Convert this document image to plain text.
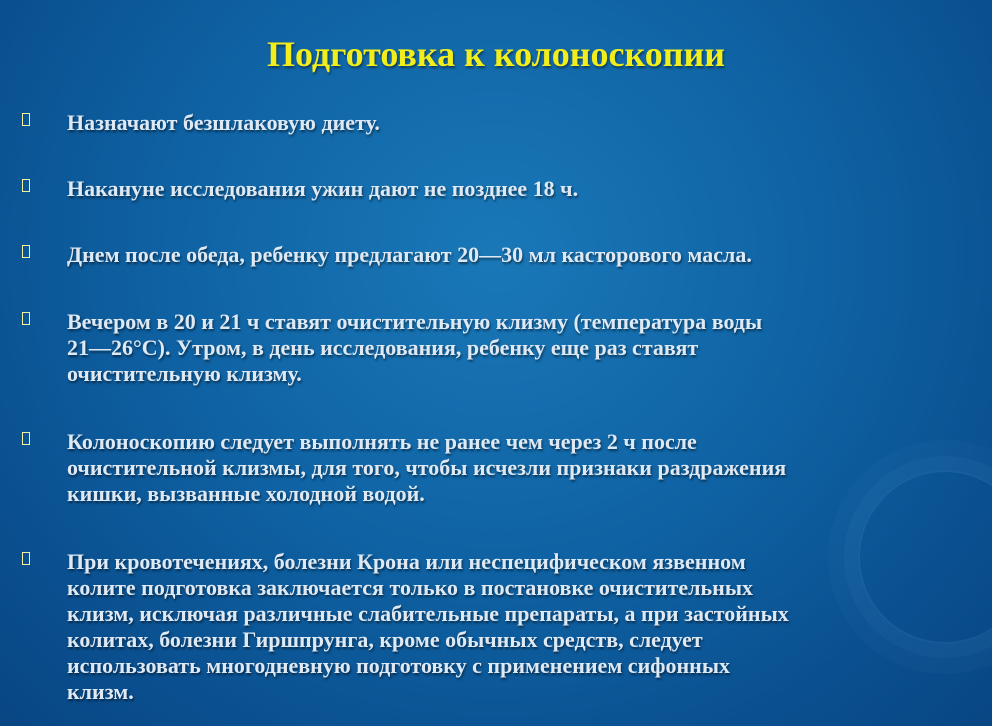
Подготовка к колоноскопии
Назначают безшлаковую диету.
Накануне исследования ужин дают не позднее 18 ч.
Днем после обеда, ребенку предлагают 20—30 мл касторового масла.
Вечером в 20 и 21 ч ставят очистительную клизму (температура воды
21—26°С). Утром, в день исследования, ребенку еще раз ставят
очистительную клизму.
Колоноскопию следует выполнять не ранее чем через 2 ч после
очистительной клизмы, для того, чтобы исчезли признаки раздражения
кишки, вызванные холодной водой.
При кровотечениях, болезни Крона или неспецифическом язвенном
колите подготовка заключается только в постановке очистительных
клизм, исключая различные слабительные препараты, а при застойных
колитах, болезни Гиршпрунга, кроме обычных средств, следует
использовать многодневную подготовку с применением сифонных
клизм.
